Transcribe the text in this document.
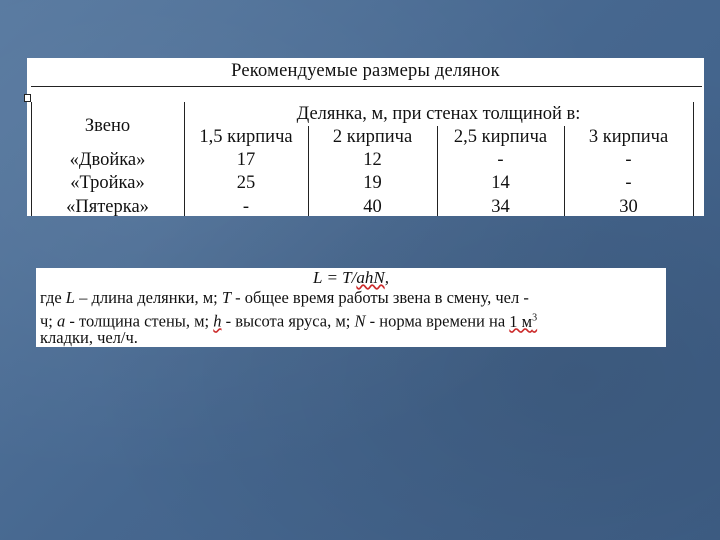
Рекомендуемые размеры делянок
Звено
Делянка, м, при стенах толщиной в:
1,5 кирпича	2 кирпича	2,5 кирпича	3 кирпича
«Двойка»	17	12	-	-
«Тройка»	25	19	14	-
«Пятерка»	-	40	34	30
L = T/ahN,
где L – длина делянки, м; T - общее время работы звена в смену, чел -
ч; a - толщина стены, м; h - высота яруса, м; N - норма времени на 1 $м^3$
кладки, чел/ч.
